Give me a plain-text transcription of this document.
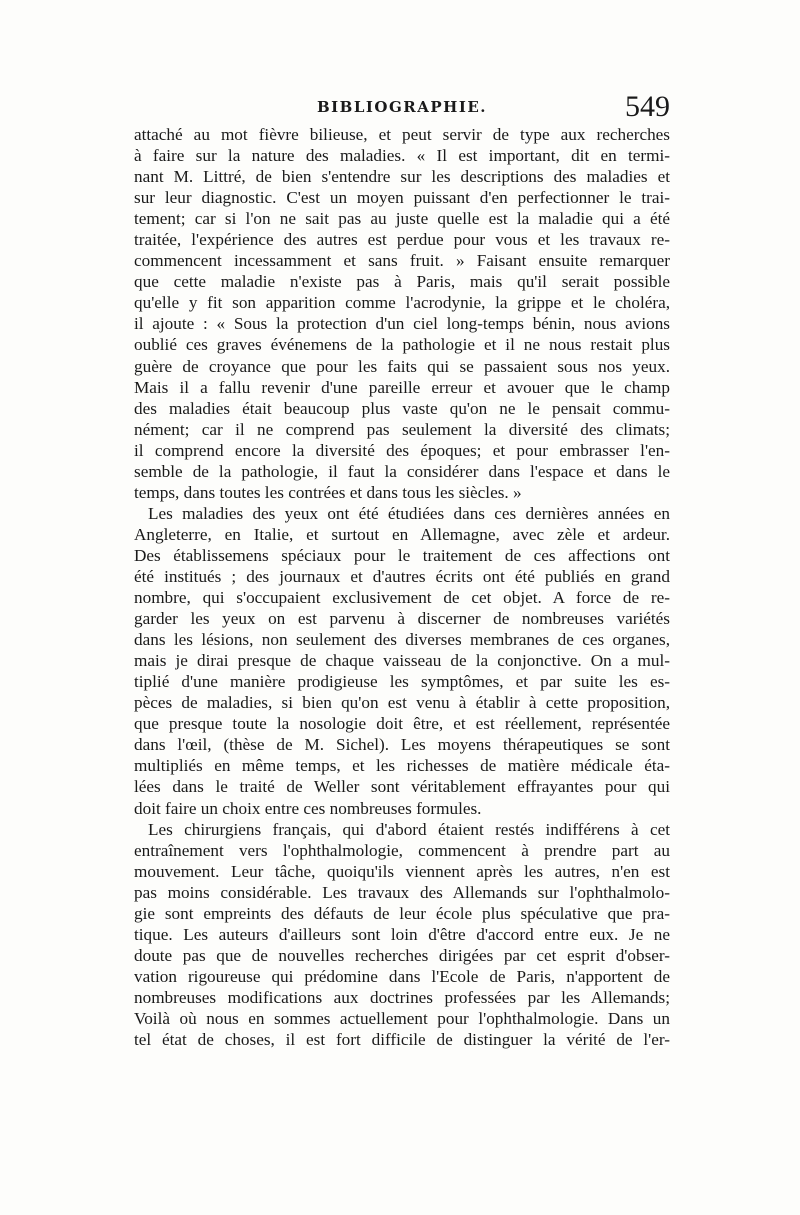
BIBLIOGRAPHIE.	549
attaché au mot fièvre bilieuse, et peut servir de type aux recherches
à faire sur la nature des maladies. « Il est important, dit en termi-
nant M. Littré, de bien s'entendre sur les descriptions des maladies et
sur leur diagnostic. C'est un moyen puissant d'en perfectionner le trai-
tement; car si l'on ne sait pas au juste quelle est la maladie qui a été
traitée, l'expérience des autres est perdue pour vous et les travaux re-
commencent incessamment et sans fruit. » Faisant ensuite remarquer
que cette maladie n'existe pas à Paris, mais qu'il serait possible
qu'elle y fit son apparition comme l'acrodynie, la grippe et le choléra,
il ajoute : « Sous la protection d'un ciel long-temps bénin, nous avions
oublié ces graves événemens de la pathologie et il ne nous restait plus
guère de croyance que pour les faits qui se passaient sous nos yeux.
Mais il a fallu revenir d'une pareille erreur et avouer que le champ
des maladies était beaucoup plus vaste qu'on ne le pensait commu-
nément; car il ne comprend pas seulement la diversité des climats;
il comprend encore la diversité des époques; et pour embrasser l'en-
semble de la pathologie, il faut la considérer dans l'espace et dans le
temps, dans toutes les contrées et dans tous les siècles. »
Les maladies des yeux ont été étudiées dans ces dernières années en
Angleterre, en Italie, et surtout en Allemagne, avec zèle et ardeur.
Des établissemens spéciaux pour le traitement de ces affections ont
été institués ; des journaux et d'autres écrits ont été publiés en grand
nombre, qui s'occupaient exclusivement de cet objet. A force de re-
garder les yeux on est parvenu à discerner de nombreuses variétés
dans les lésions, non seulement des diverses membranes de ces organes,
mais je dirai presque de chaque vaisseau de la conjonctive. On a mul-
tiplié d'une manière prodigieuse les symptômes, et par suite les es-
pèces de maladies, si bien qu'on est venu à établir à cette proposition,
que presque toute la nosologie doit être, et est réellement, représentée
dans l'œil, (thèse de M. Sichel). Les moyens thérapeutiques se sont
multipliés en même temps, et les richesses de matière médicale éta-
lées dans le traité de Weller sont véritablement effrayantes pour qui
doit faire un choix entre ces nombreuses formules.
Les chirurgiens français, qui d'abord étaient restés indifférens à cet
entraînement vers l'ophthalmologie, commencent à prendre part au
mouvement. Leur tâche, quoiqu'ils viennent après les autres, n'en est
pas moins considérable. Les travaux des Allemands sur l'ophthalmolo-
gie sont empreints des défauts de leur école plus spéculative que pra-
tique. Les auteurs d'ailleurs sont loin d'être d'accord entre eux. Je ne
doute pas que de nouvelles recherches dirigées par cet esprit d'obser-
vation rigoureuse qui prédomine dans l'Ecole de Paris, n'apportent de
nombreuses modifications aux doctrines professées par les Allemands;
Voilà où nous en sommes actuellement pour l'ophthalmologie. Dans un
tel état de choses, il est fort difficile de distinguer la vérité de l'er-
